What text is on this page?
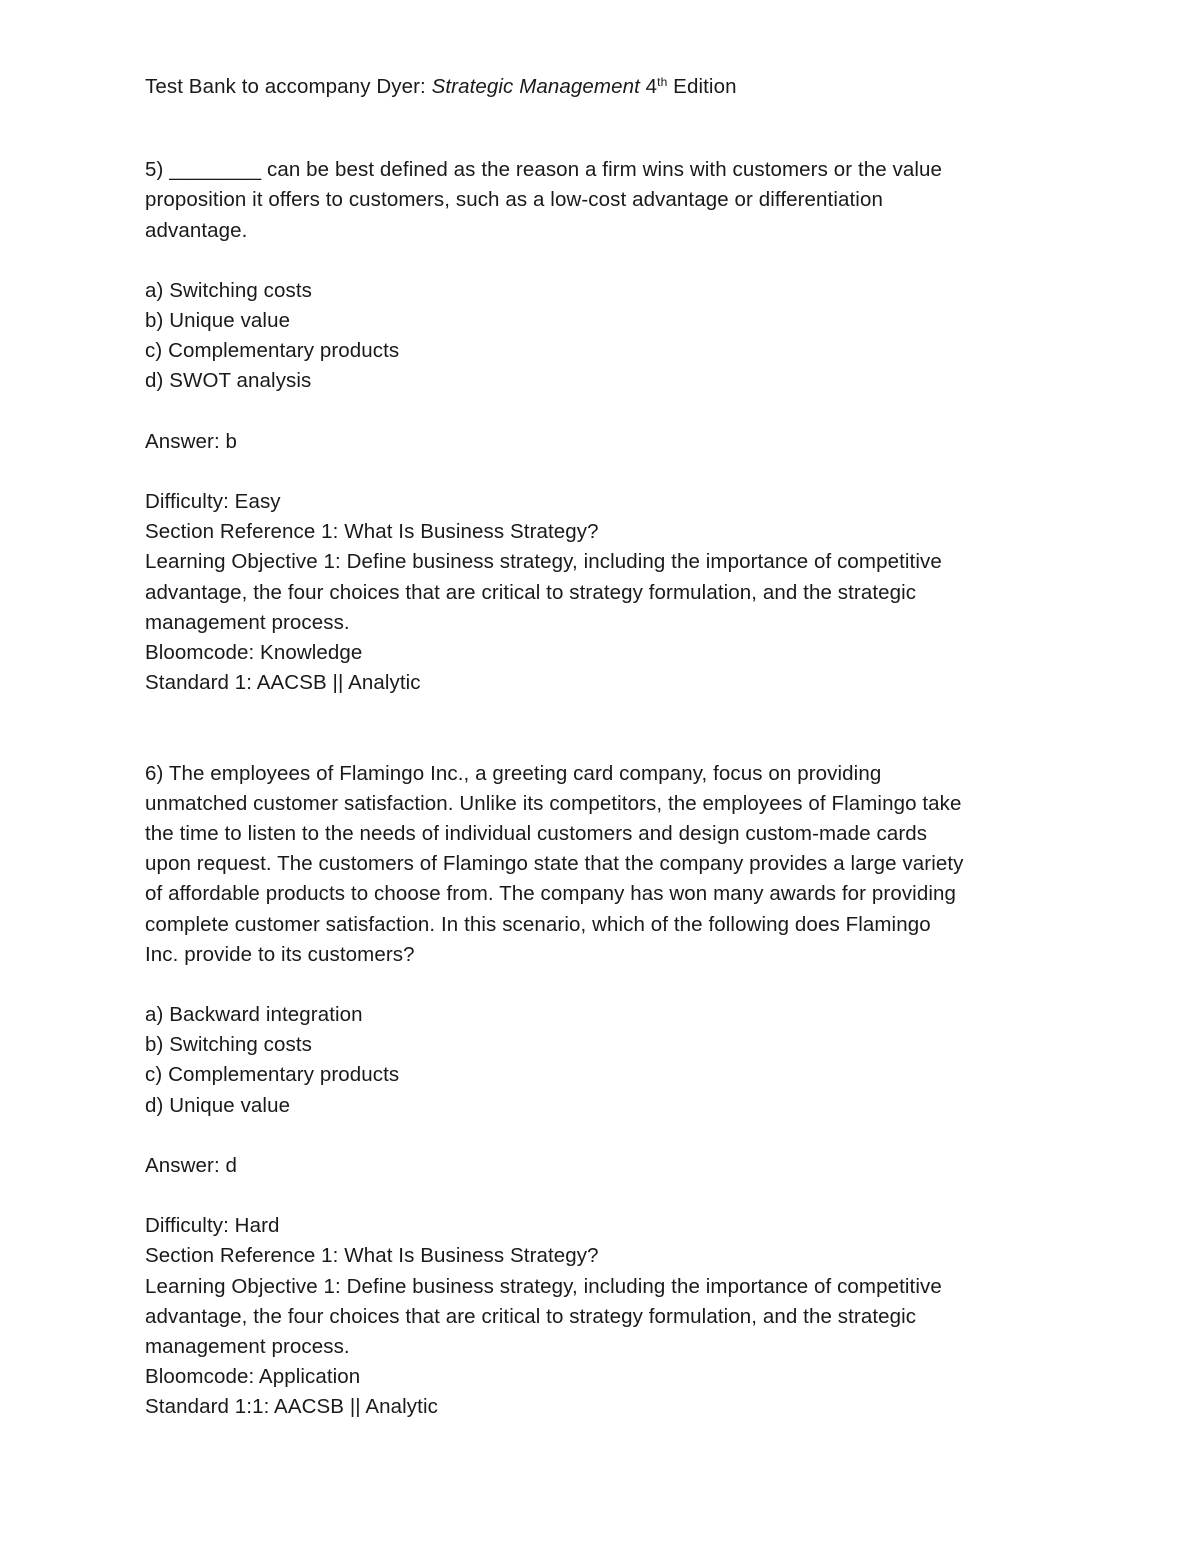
Test Bank to accompany Dyer: Strategic Management 4th Edition
5) ________ can be best defined as the reason a firm wins with customers or the value
proposition it offers to customers, such as a low-cost advantage or differentiation
advantage.
a) Switching costs
b) Unique value
c) Complementary products
d) SWOT analysis
Answer: b
Difficulty: Easy
Section Reference 1: What Is Business Strategy?
Learning Objective 1: Define business strategy, including the importance of competitive
advantage, the four choices that are critical to strategy formulation, and the strategic
management process.
Bloomcode: Knowledge
Standard 1: AACSB || Analytic
6) The employees of Flamingo Inc., a greeting card company, focus on providing
unmatched customer satisfaction. Unlike its competitors, the employees of Flamingo take
the time to listen to the needs of individual customers and design custom-made cards
upon request. The customers of Flamingo state that the company provides a large variety
of affordable products to choose from. The company has won many awards for providing
complete customer satisfaction. In this scenario, which of the following does Flamingo
Inc. provide to its customers?
a) Backward integration
b) Switching costs
c) Complementary products
d) Unique value
Answer: d
Difficulty: Hard
Section Reference 1: What Is Business Strategy?
Learning Objective 1: Define business strategy, including the importance of competitive
advantage, the four choices that are critical to strategy formulation, and the strategic
management process.
Bloomcode: Application
Standard 1:1: AACSB || Analytic
